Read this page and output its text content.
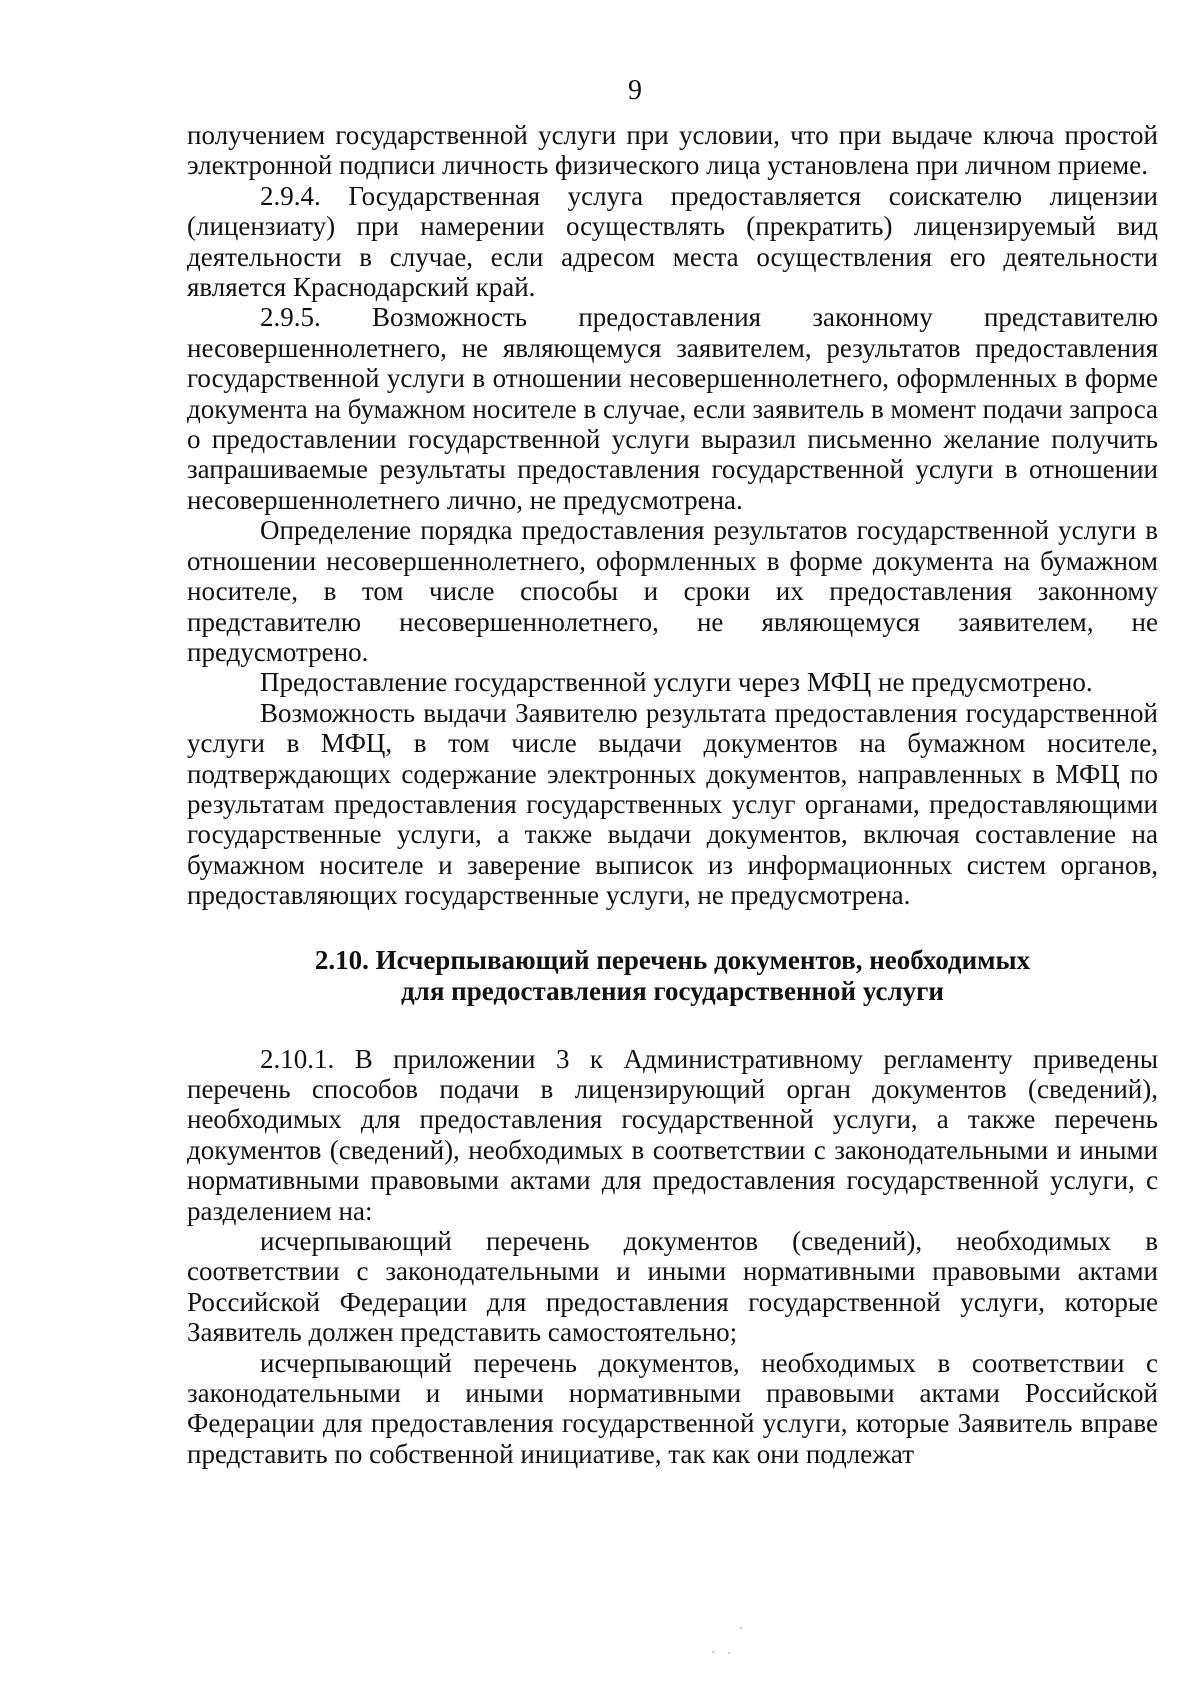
9

получением государственной услуги при условии, что при выдаче ключа простой электронной подписи личность физического лица установлена при личном приеме.

2.9.4. Государственная услуга предоставляется соискателю лицензии (лицензиату) при намерении осуществлять (прекратить) лицензируемый вид деятельности в случае, если адресом места осуществления его деятельности является Краснодарский край.

2.9.5. Возможность предоставления законному представителю несовершеннолетнего, не являющемуся заявителем, результатов предоставления государственной услуги в отношении несовершеннолетнего, оформленных в форме документа на бумажном носителе в случае, если заявитель в момент подачи запроса о предоставлении государственной услуги выразил письменно желание получить запрашиваемые результаты предоставления государственной услуги в отношении несовершеннолетнего лично, не предусмотрена.

Определение порядка предоставления результатов государственной услуги в отношении несовершеннолетнего, оформленных в форме документа на бумажном носителе, в том числе способы и сроки их предоставления законному представителю несовершеннолетнего, не являющемуся заявителем, не предусмотрено.

Предоставление государственной услуги через МФЦ не предусмотрено.

Возможность выдачи Заявителю результата предоставления государственной услуги в МФЦ, в том числе выдачи документов на бумажном носителе, подтверждающих содержание электронных документов, направленных в МФЦ по результатам предоставления государственных услуг органами, предоставляющими государственные услуги, а также выдачи документов, включая составление на бумажном носителе и заверение выписок из информационных систем органов, предоставляющих государственные услуги, не предусмотрена.

2.10. Исчерпывающий перечень документов, необходимых
для предоставления государственной услуги

2.10.1. В приложении 3 к Административному регламенту приведены перечень способов подачи в лицензирующий орган документов (сведений), необходимых для предоставления государственной услуги, а также перечень документов (сведений), необходимых в соответствии с законодательными и иными нормативными правовыми актами для предоставления государственной услуги, с разделением на:

исчерпывающий перечень документов (сведений), необходимых в соответствии с законодательными и иными нормативными правовыми актами Российской Федерации для предоставления государственной услуги, которые Заявитель должен представить самостоятельно;

исчерпывающий перечень документов, необходимых в соответствии с законодательными и иными нормативными правовыми актами Российской Федерации для предоставления государственной услуги, которые Заявитель вправе представить по собственной инициативе, так как они подлежат
